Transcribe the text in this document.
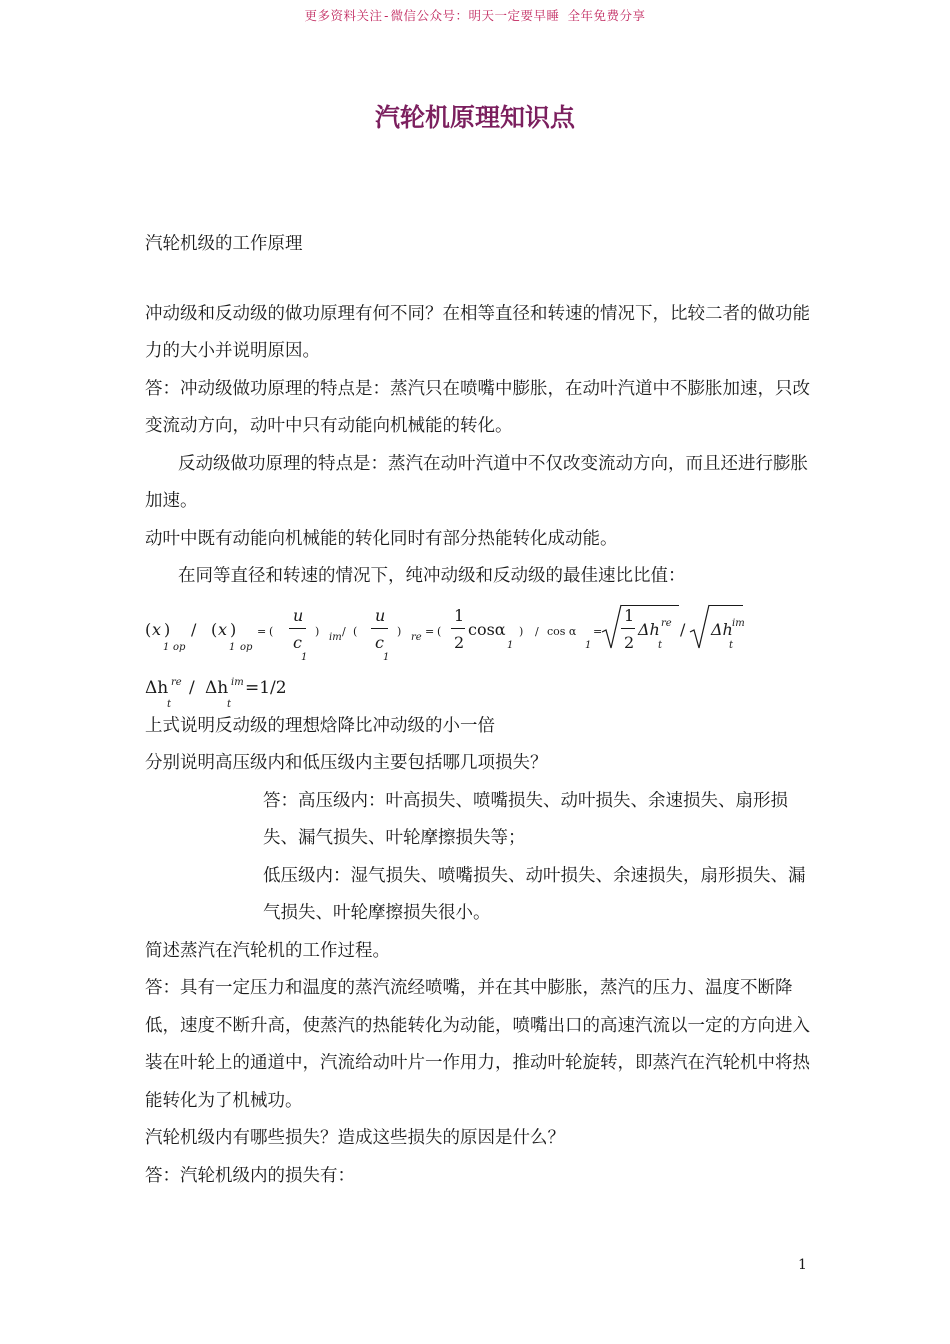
更多资料关注-微信公众号：明天一定要早睡 全年免费分享
汽轮机原理知识点

汽轮机级的工作原理

冲动级和反动级的做功原理有何不同？在相等直径和转速的情况下，比较二者的做功能力的大小并说明原因。

答：冲动级做功原理的特点是：蒸汽只在喷嘴中膨胀，在动叶汽道中不膨胀加速，只改变流动方向，动叶中只有动能向机械能的转化。

反动级做功原理的特点是：蒸汽在动叶汽道中不仅改变流动方向，而且还进行膨胀加速。

动叶中既有动能向机械能的转化同时有部分热能转化成动能。

在同等直径和转速的情况下，纯冲动级和反动级的最佳速比比值：

( x )
1 op
/ ( x )
1 op
= (
u
c
1
) im / (
u
c
1
) re = (
1
2
cosα
1
) / cos α
1
=
1
2
Δh re
t
/ Δh im
t
Δh re
t
/ Δh im
t
=1/2

上式说明反动级的理想焓降比冲动级的小一倍

分别说明高压级内和低压级内主要包括哪几项损失？

答：高压级内：叶高损失、喷嘴损失、动叶损失、余速损失、扇形损失、漏气损失、叶轮摩擦损失等；

低压级内：湿气损失、喷嘴损失、动叶损失、余速损失，扇形损失、漏气损失、叶轮摩擦损失很小。

简述蒸汽在汽轮机的工作过程。

答：具有一定压力和温度的蒸汽流经喷嘴，并在其中膨胀，蒸汽的压力、温度不断降低，速度不断升高，使蒸汽的热能转化为动能，喷嘴出口的高速汽流以一定的方向进入装在叶轮上的通道中，汽流给动叶片一作用力，推动叶轮旋转，即蒸汽在汽轮机中将热能转化为了机械功。

汽轮机级内有哪些损失？造成这些损失的原因是什么？

答：汽轮机级内的损失有：

1
